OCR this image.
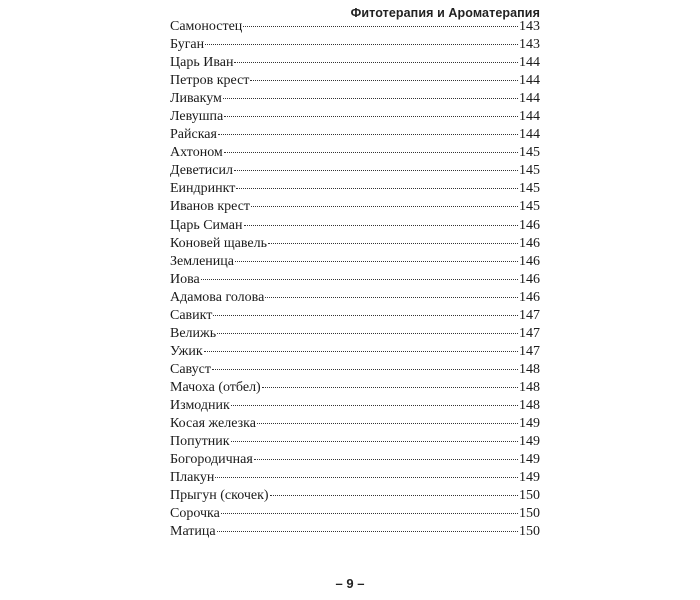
Фитотерапия и Ароматерапия
Самоностец	143
Буган	143
Царь Иван	144
Петров крест	144
Ливакум	144
Левушпа	144
Райская	144
Ахтоном	145
Деветисил	145
Еиндринкт	145
Иванов крест	145
Царь Симан	146
Коновей щавель	146
Земленица	146
Иова	146
Адамова голова	146
Савикт	147
Велижь	147
Ужик	147
Савуст	148
Мачоха (отбел)	148
Измодник	148
Косая железка	149
Попутник	149
Богородичная	149
Плакун	149
Прыгун (скочек)	150
Сорочка	150
Матица	150
– 9 –
